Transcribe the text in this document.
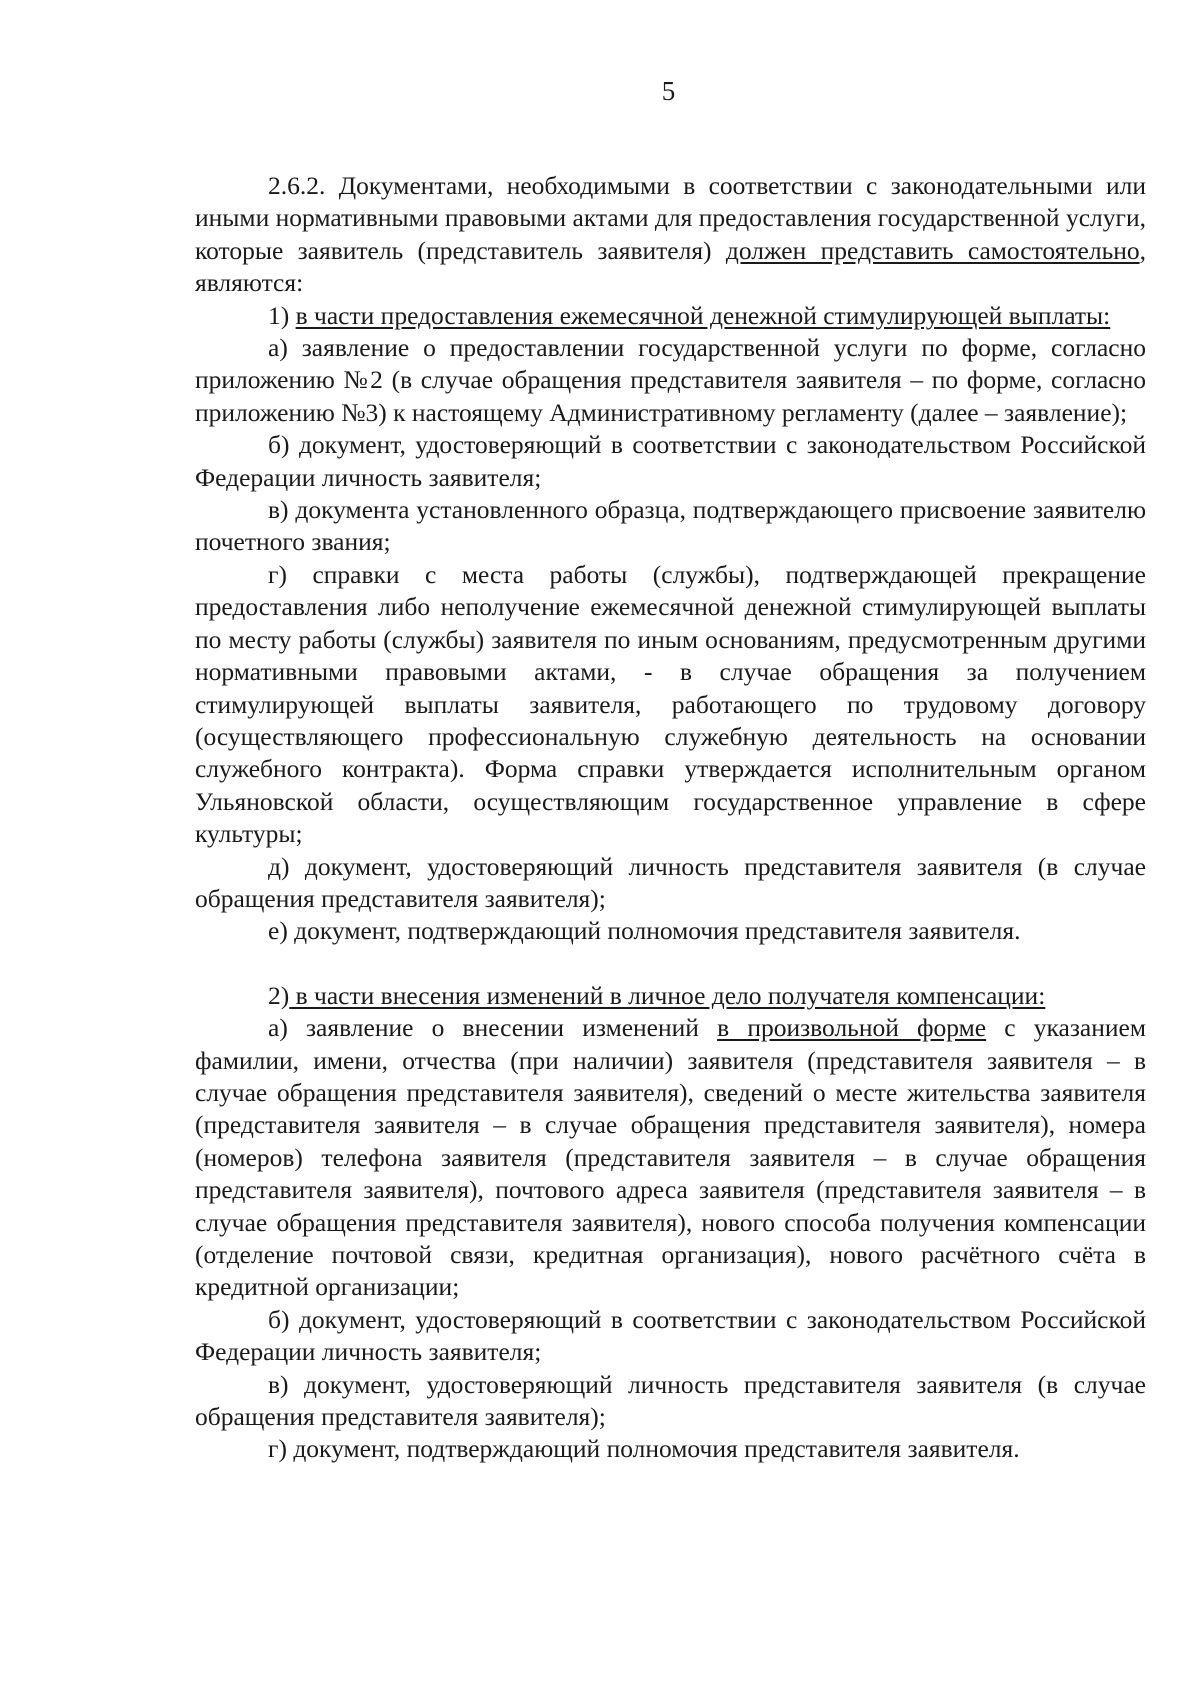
5

2.6.2. Документами, необходимыми в соответствии с законодательными или иными нормативными правовыми актами для предоставления государственной услуги, которые заявитель (представитель заявителя) должен представить самостоятельно, являются:

1) в части предоставления ежемесячной денежной стимулирующей выплаты:

а) заявление о предоставлении государственной услуги по форме, согласно приложению №2 (в случае обращения представителя заявителя – по форме, согласно приложению №3) к настоящему Административному регламенту (далее – заявление);

б) документ, удостоверяющий в соответствии с законодательством Российской Федерации личность заявителя;

в) документа установленного образца, подтверждающего присвоение заявителю почетного звания;

г) справки с места работы (службы), подтверждающей прекращение предоставления либо неполучение ежемесячной денежной стимулирующей выплаты по месту работы (службы) заявителя по иным основаниям, предусмотренным другими нормативными правовыми актами, - в случае обращения за получением стимулирующей выплаты заявителя, работающего по трудовому договору (осуществляющего профессиональную служебную деятельность на основании служебного контракта). Форма справки утверждается исполнительным органом Ульяновской области, осуществляющим государственное управление в сфере культуры;

д) документ, удостоверяющий личность представителя заявителя (в случае обращения представителя заявителя);

е) документ, подтверждающий полномочия представителя заявителя.

2) в части внесения изменений в личное дело получателя компенсации:

а) заявление о внесении изменений в произвольной форме с указанием фамилии, имени, отчества (при наличии) заявителя (представителя заявителя – в случае обращения представителя заявителя), сведений о месте жительства заявителя (представителя заявителя – в случае обращения представителя заявителя), номера (номеров) телефона заявителя (представителя заявителя – в случае обращения представителя заявителя), почтового адреса заявителя (представителя заявителя – в случае обращения представителя заявителя), нового способа получения компенсации (отделение почтовой связи, кредитная организация), нового расчётного счёта в кредитной организации;

б) документ, удостоверяющий в соответствии с законодательством Российской Федерации личность заявителя;

в) документ, удостоверяющий личность представителя заявителя (в случае обращения представителя заявителя);

г) документ, подтверждающий полномочия представителя заявителя.
